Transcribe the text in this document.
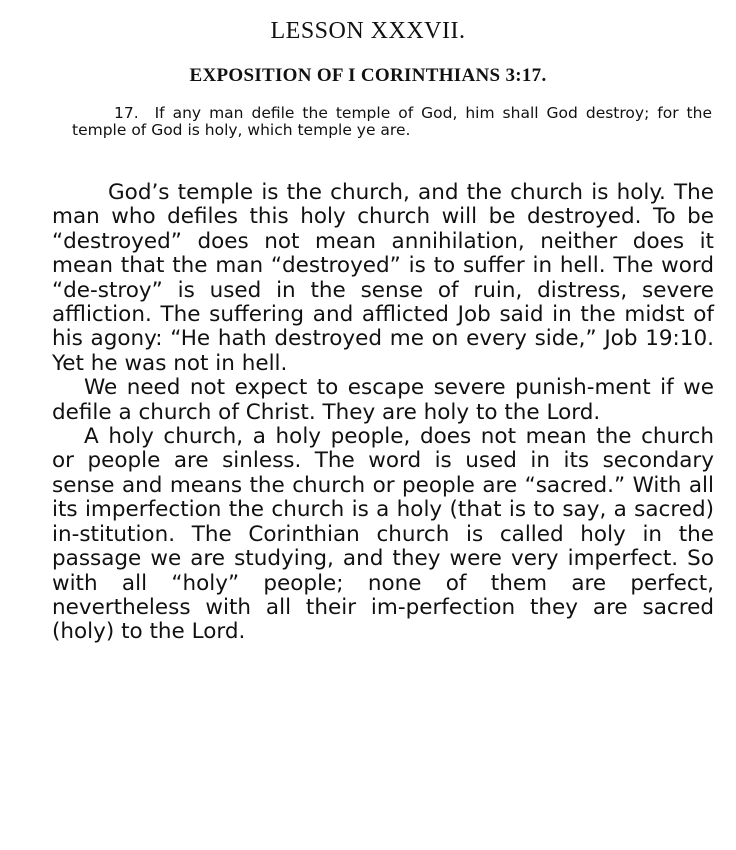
LESSON XXXVII.
EXPOSITION OF I CORINTHIANS 3:17.

17. If any man defile the temple of God, him shall God destroy; for the temple of God is holy, which temple ye are.

God’s temple is the church, and the church is holy. The man who defiles this holy church will be destroyed. To be “destroyed” does not mean annihilation, neither does it mean that the man “destroyed” is to suffer in hell. The word “de-stroy” is used in the sense of ruin, distress, severe affliction. The suffering and afflicted Job said in the midst of his agony: “He hath destroyed me on every side,” Job 19:10. Yet he was not in hell.

We need not expect to escape severe punish-ment if we defile a church of Christ. They are holy to the Lord.

A holy church, a holy people, does not mean the church or people are sinless. The word is used in its secondary sense and means the church or people are “sacred.” With all its imperfection the church is a holy (that is to say, a sacred) in-stitution. The Corinthian church is called holy in the passage we are studying, and they were very imperfect. So with all “holy” people; none of them are perfect, nevertheless with all their im-perfection they are sacred (holy) to the Lord.
